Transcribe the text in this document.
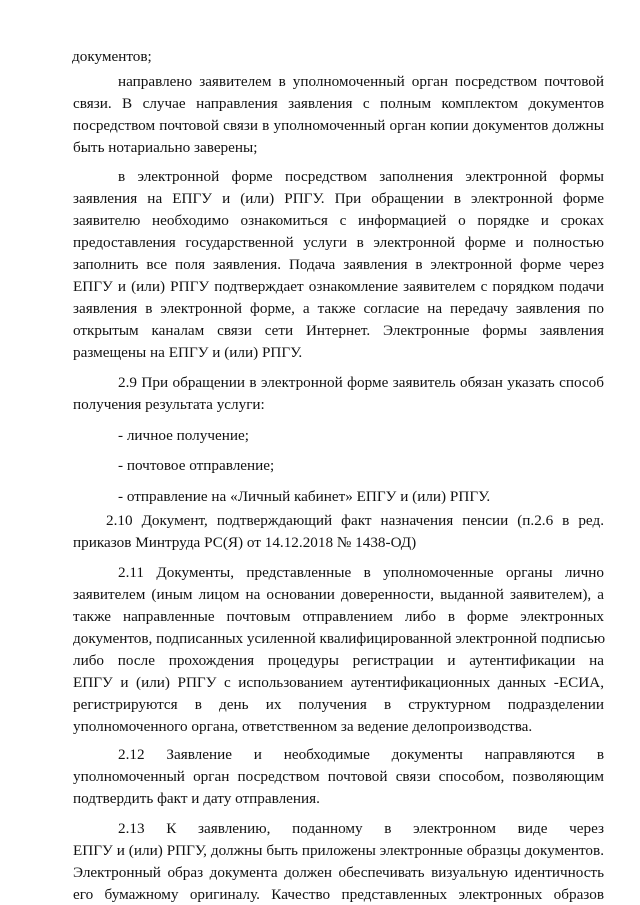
документов;
направлено заявителем в уполномоченный орган посредством почтовой
связи. В случае направления заявления с полным комплектом документов
посредством почтовой связи в уполномоченный орган копии документов должны
быть нотариально заверены;
в электронной форме посредством заполнения электронной формы
заявления на ЕПГУ и (или) РПГУ. При обращении в электронной форме
заявителю необходимо ознакомиться с информацией о порядке и сроках
предоставления государственной услуги в электронной форме и полностью
заполнить все поля заявления. Подача заявления в электронной форме через
ЕПГУ и (или) РПГУ подтверждает ознакомление заявителем с порядком подачи
заявления в электронной форме, а также согласие на передачу заявления по
открытым каналам связи сети Интернет. Электронные формы заявления
размещены на ЕПГУ и (или) РПГУ.
2.9 При обращении в электронной форме заявитель обязан указать способ
получения результата услуги:
- личное получение;
- почтовое отправление;
- отправление на «Личный кабинет» ЕПГУ и (или) РПГУ.
2.10 Документ, подтверждающий факт назначения пенсии (п.2.6 в ред.
приказов Минтруда РС(Я) от 14.12.2018 № 1438-ОД)
2.11 Документы, представленные в уполномоченные органы лично
заявителем (иным лицом на основании доверенности, выданной заявителем), а
также направленные почтовым отправлением либо в форме электронных
документов, подписанных усиленной квалифицированной электронной подписью
либо после прохождения процедуры регистрации и аутентификации на
ЕПГУ и (или) РПГУ с использованием аутентификационных данных -ЕСИА,
регистрируются в день их получения в структурном подразделении
уполномоченного органа, ответственном за ведение делопроизводства.
2.12 Заявление и необходимые документы направляются в
уполномоченный орган посредством почтовой связи способом, позволяющим
подтвердить факт и дату отправления.
2.13 К заявлению, поданному в электронном виде через
ЕПГУ и (или) РПГУ, должны быть приложены электронные образцы документов.
Электронный образ документа должен обеспечивать визуальную идентичность
его бумажному оригиналу. Качество представленных электронных образов
